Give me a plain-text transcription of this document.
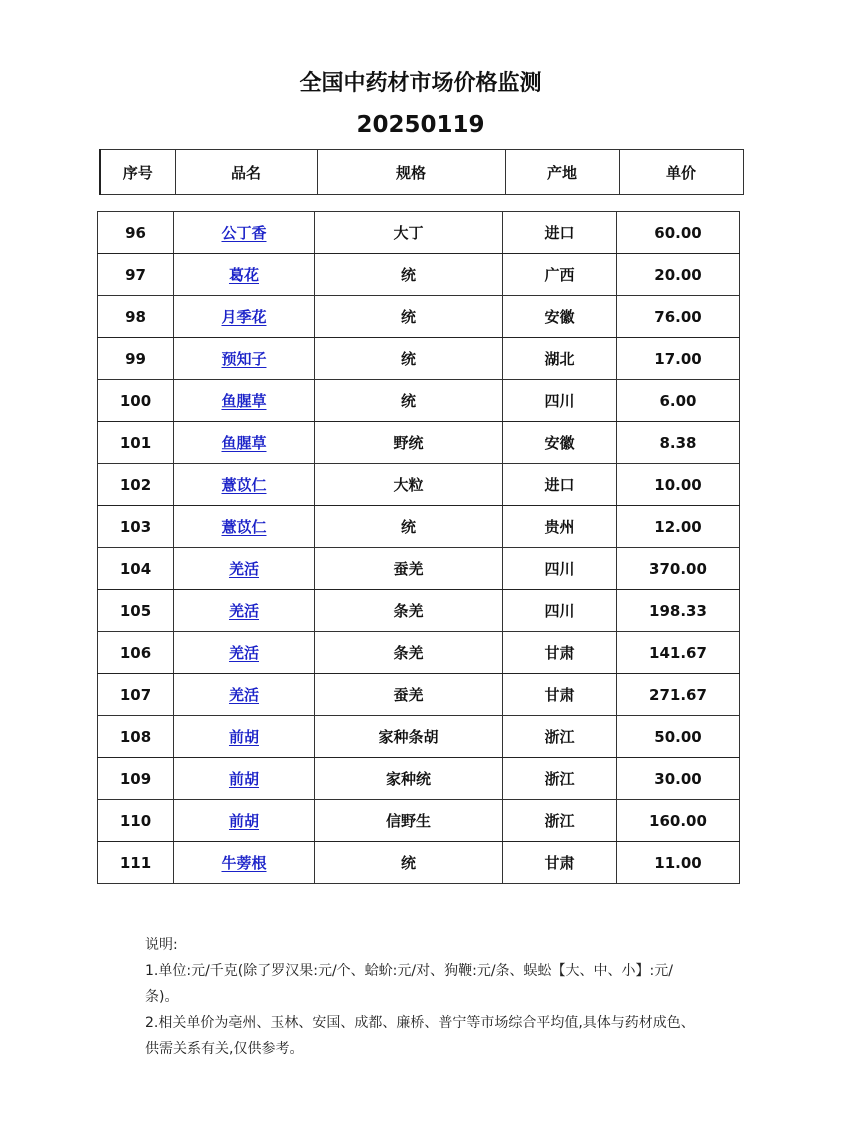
全国中药材市场价格监测
20250119
序号	品名	规格	产地	单价
96	公丁香	大丁	进口	60.00
97	葛花	统	广西	20.00
98	月季花	统	安徽	76.00
99	预知子	统	湖北	17.00
100	鱼腥草	统	四川	6.00
101	鱼腥草	野统	安徽	8.38
102	薏苡仁	大粒	进口	10.00
103	薏苡仁	统	贵州	12.00
104	羌活	蚕羌	四川	370.00
105	羌活	条羌	四川	198.33
106	羌活	条羌	甘肃	141.67
107	羌活	蚕羌	甘肃	271.67
108	前胡	家种条胡	浙江	50.00
109	前胡	家种统	浙江	30.00
110	前胡	信野生	浙江	160.00
111	牛蒡根	统	甘肃	11.00
说明:
1.单位:元/千克(除了罗汉果:元/个、蛤蚧:元/对、狗鞭:元/条、蜈蚣【大、中、小】:元/条)。
2.相关单价为亳州、玉林、安国、成都、廉桥、普宁等市场综合平均值,具体与药材成色、供需关系有关,仅供参考。
